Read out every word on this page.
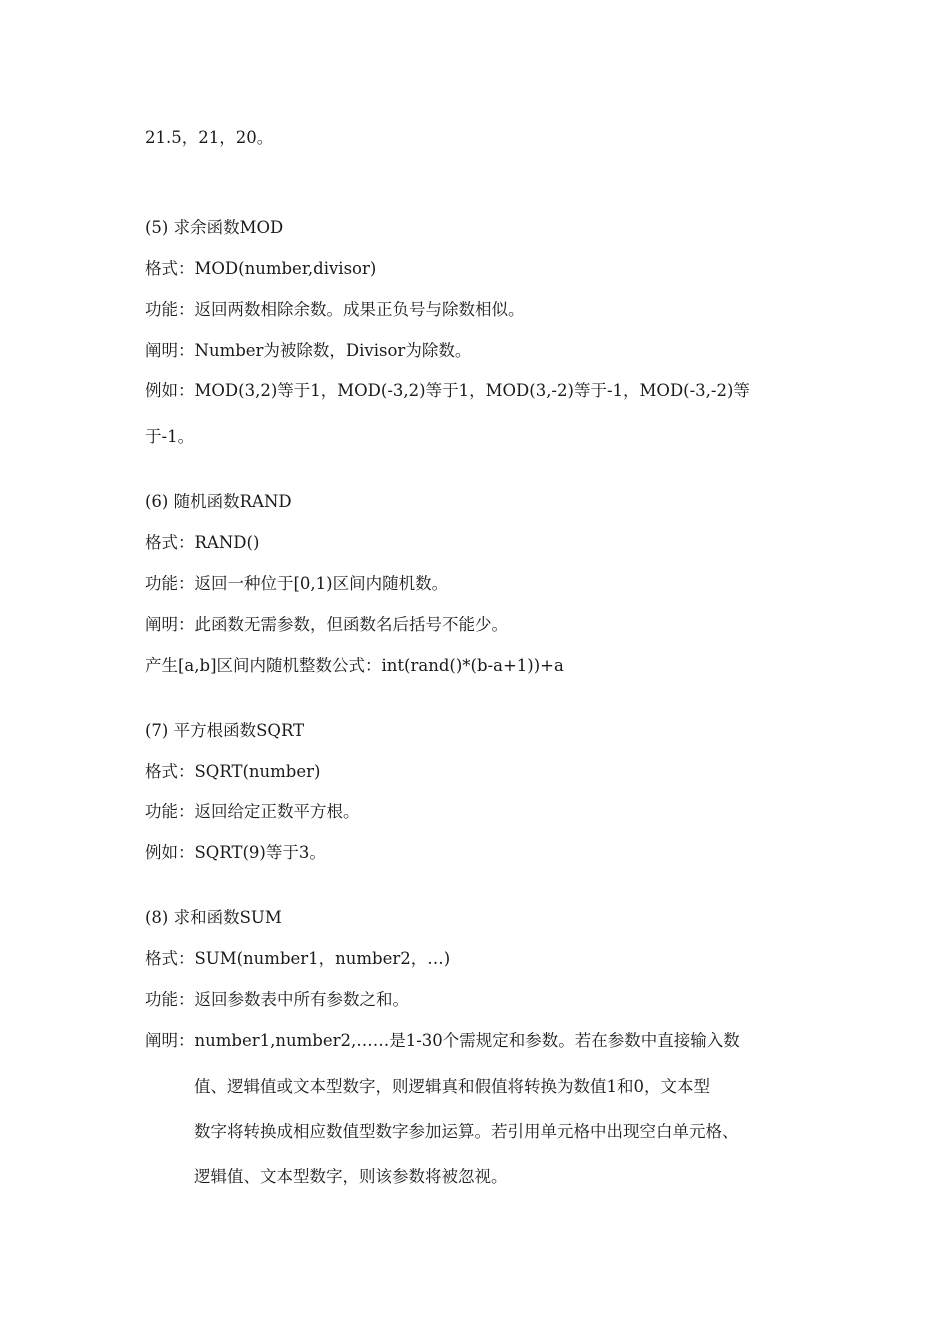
21.5，21，20。

(5) 求余函数MOD

格式：MOD(number,divisor)

功能：返回两数相除余数。成果正负号与除数相似。

阐明：Number为被除数，Divisor为除数。

例如：MOD(3,2)等于1，MOD(-3,2)等于1，MOD(3,-2)等于-1，MOD(-3,-2)等

于-1。

(6) 随机函数RAND

格式：RAND()

功能：返回一种位于[0,1)区间内随机数。

阐明：此函数无需参数，但函数名后括号不能少。

产生[a,b]区间内随机整数公式：int(rand()*(b-a+1))+a

(7) 平方根函数SQRT

格式：SQRT(number)

功能：返回给定正数平方根。

例如：SQRT(9)等于3。

(8) 求和函数SUM

格式：SUM(number1，number2，…)

功能：返回参数表中所有参数之和。

阐明：number1,number2,……是1-30个需规定和参数。若在参数中直接输入数

值、逻辑值或文本型数字，则逻辑真和假值将转换为数值1和0，文本型

数字将转换成相应数值型数字参加运算。若引用单元格中出现空白单元格、

逻辑值、文本型数字，则该参数将被忽视。
